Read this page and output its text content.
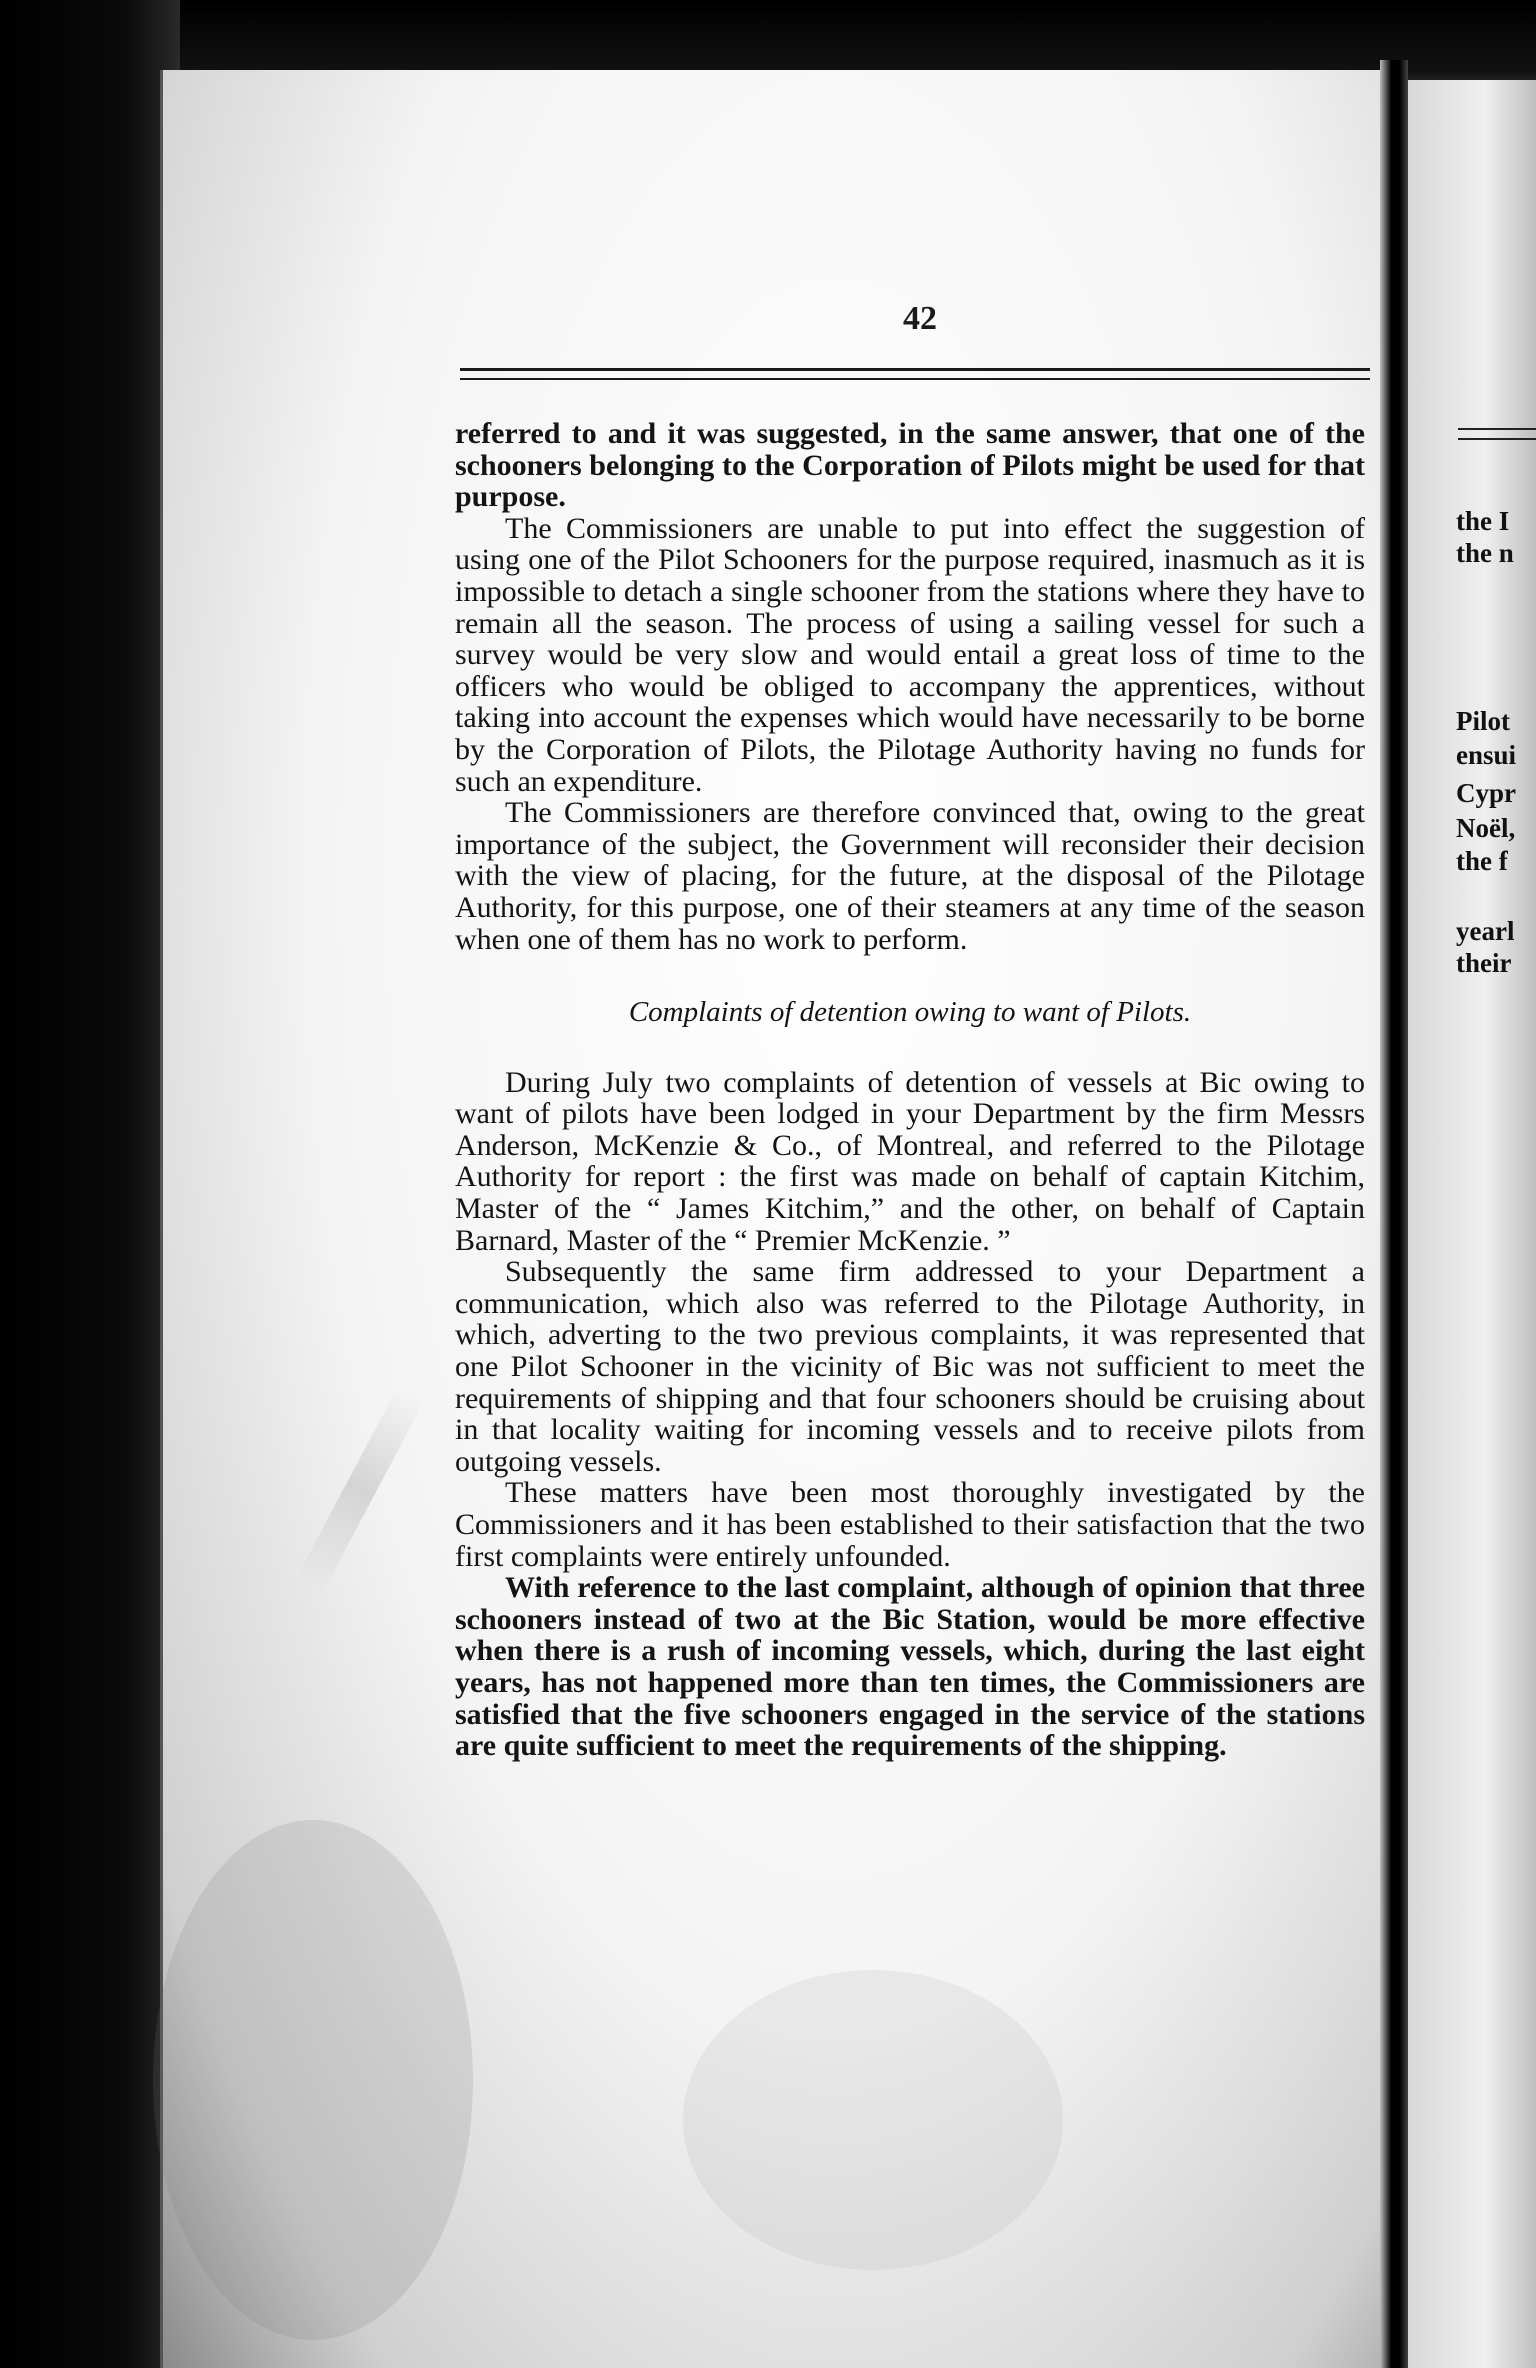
the I
the n
Pilot
ensui
Cypr
Noël,
the f
yearl
their
42

referred to and it was suggested, in the same answer, that one of the schooners belonging to the Corporation of Pilots might be used for that purpose.

The Commissioners are unable to put into effect the suggestion of using one of the Pilot Schooners for the purpose required, inasmuch as it is impossible to detach a single schooner from the stations where they have to remain all the season. The process of using a sailing vessel for such a survey would be very slow and would entail a great loss of time to the officers who would be obliged to accompany the apprentices, without taking into account the expenses which would have necessarily to be borne by the Corporation of Pilots, the Pilotage Authority having no funds for such an expenditure.

The Commissioners are therefore convinced that, owing to the great importance of the subject, the Government will reconsider their decision with the view of placing, for the future, at the disposal of the Pilotage Authority, for this purpose, one of their steamers at any time of the season when one of them has no work to perform.

Complaints of detention owing to want of Pilots.

During July two complaints of detention of vessels at Bic owing to want of pilots have been lodged in your Department by the firm Messrs Anderson, McKenzie & Co., of Montreal, and referred to the Pilotage Authority for report : the first was made on behalf of captain Kitchim, Master of the “ James Kitchim,” and the other, on behalf of Captain Barnard, Master of the “ Premier McKenzie. ”

Subsequently the same firm addressed to your Department a communication, which also was referred to the Pilotage Authority, in which, adverting to the two previous complaints, it was represented that one Pilot Schooner in the vicinity of Bic was not sufficient to meet the requirements of shipping and that four schooners should be cruising about in that locality waiting for incoming vessels and to receive pilots from outgoing vessels.

These matters have been most thoroughly investigated by the Commissioners and it has been established to their satisfaction that the two first complaints were entirely unfounded.

With reference to the last complaint, although of opinion that three schooners instead of two at the Bic Station, would be more effective when there is a rush of incoming vessels, which, during the last eight years, has not happened more than ten times, the Commissioners are satisfied that the five schooners engaged in the service of the stations are quite sufficient to meet the requirements of the shipping.
